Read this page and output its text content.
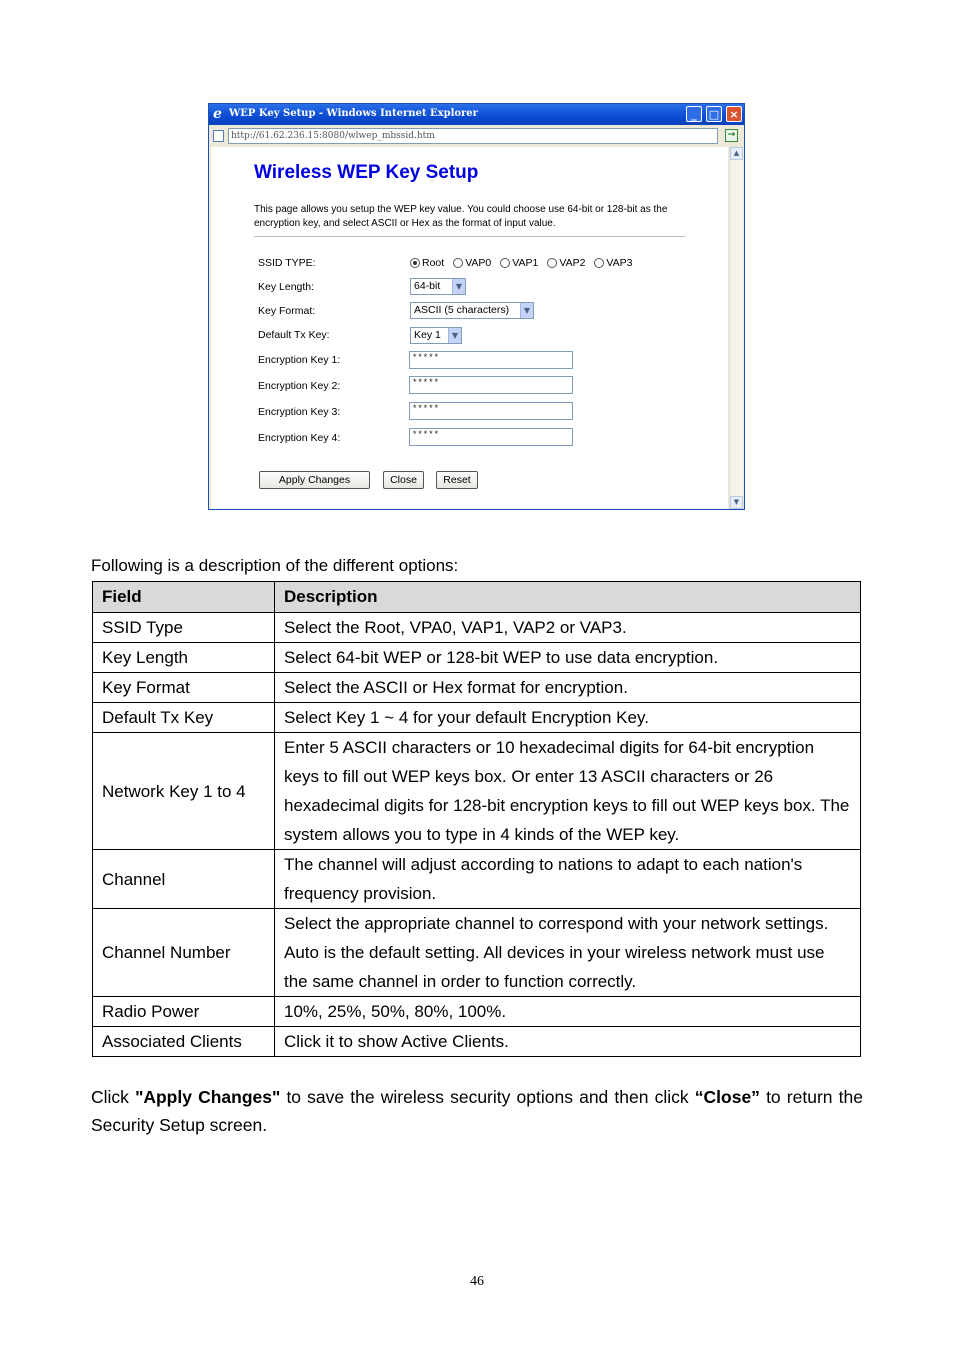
e WEP Key Setup - Windows Internet Explorer	_	□ ×
http://61.62.236.15:8080/wlwep_mbssid.htm	→
Wireless WEP Key Setup
This page allows you setup the WEP key value. You could choose use 64-bit or 128-bit as the encryption key, and select ASCII or Hex as the format of input value.
SSID TYPE:	Root VAP0 VAP1 VAP2 VAP3
Key Length:	64-bit	▼
Key Format:	ASCII (5 characters)	▼
Default Tx Key:	Key 1	▼
Encryption Key 1:	*****
Encryption Key 2:	*****
Encryption Key 3:	*****
Encryption Key 4:	*****
Apply Changes	Close	Reset
▲
▼
Following is a description of the different options:
Field	Description
SSID Type	Select the Root, VPA0, VAP1, VAP2 or VAP3.
Key Length	Select 64-bit WEP or 128-bit WEP to use data encryption.
Key Format	Select the ASCII or Hex format for encryption.
Default Tx Key	Select Key 1 ~ 4 for your default Encryption Key.
Network Key 1 to 4	Enter 5 ASCII characters or 10 hexadecimal digits for 64-bit encryption keys to fill out WEP keys box. Or enter 13 ASCII characters or 26 hexadecimal digits for 128-bit encryption keys to fill out WEP keys box. The system allows you to type in 4 kinds of the WEP key.
Channel	The channel will adjust according to nations to adapt to each nation's frequency provision.
Channel Number	Select the appropriate channel to correspond with your network settings. Auto is the default setting. All devices in your wireless network must use the same channel in order to function correctly.
Radio Power	10%, 25%, 50%, 80%, 100%.
Associated Clients	Click it to show Active Clients.

Click "Apply Changes" to save the wireless security options and then click “Close” to return the Security Setup screen.

46
